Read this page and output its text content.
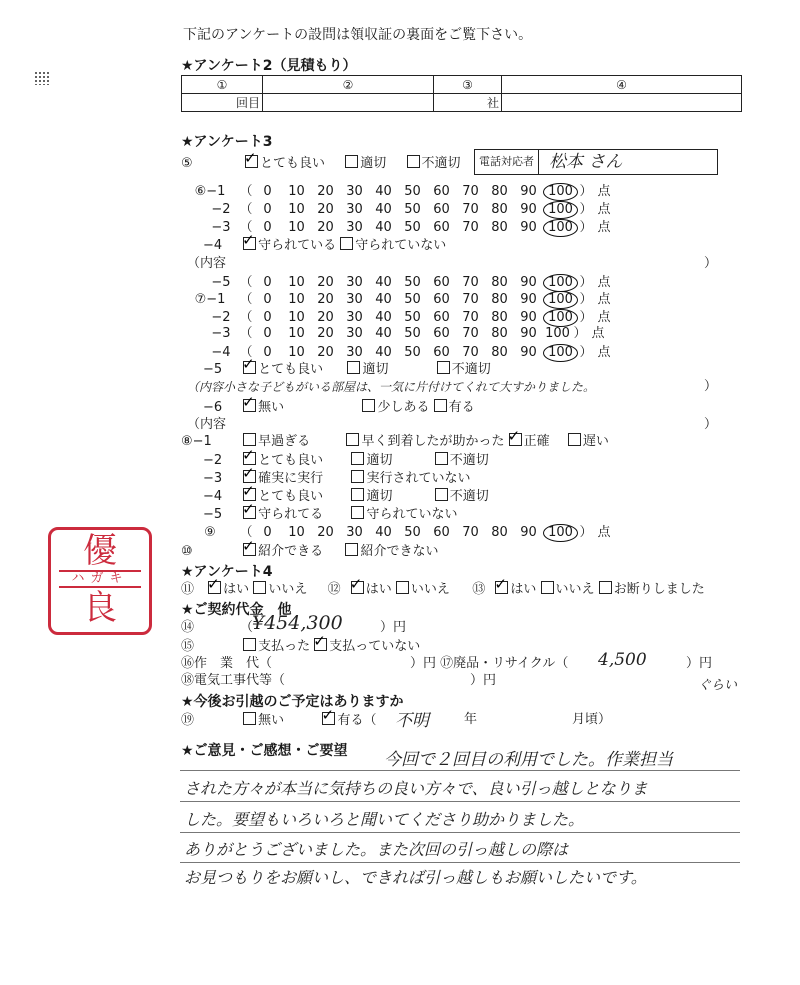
下記のアンケートの設問は領収証の裏面をご覧下さい。
★アンケート2（見積もり）
①	②	③	④
回目		社	
★アンケート3
⑤ ✓	とても良い	適切	不適切	電話対応者 松本 さん
⑥−1 （ 0 10 20 30 40 50 60 70 80 90 100 ） 点
−2 （ 0 10 20 30 40 50 60 70 80 90 100 ） 点
−3 （ 0 10 20 30 40 50 60 70 80 90 100 ） 点
−5 （ 0 10 20 30 40 50 60 70 80 90 100 ） 点
⑦−1 （ 0 10 20 30 40 50 60 70 80 90 100 ） 点
−2 （ 0 10 20 30 40 50 60 70 80 90 100 ） 点
−3 （ 0 10 20 30 40 50 60 70 80 90 100 ） 点
−4 （ 0 10 20 30 40 50 60 70 80 90 100 ） 点
⑨ （ 0 10 20 30 40 50 60 70 80 90 100 ） 点
−4 ✓	守られている 守られていない
（内容	）
−5 ✓	とても良い	適切	不適切
（内容小さな子どもがいる部屋は、一気に片付けてくれて大すかりました。	）
−6 ✓	無い	少しある 有る
（内容	）
⑧−1	早過ぎる	早く到着したが助かった ✓ 正確	遅い
−2 ✓	とても良い	適切	不適切
−3 ✓	確実に実行	実行されていない
−4 ✓	とても良い	適切	不適切
−5 ✓	守られてる	守られていない
⑩ ✓	紹介できる	紹介できない
★アンケート4
⑪ ✓ はい いいえ ⑫ ✓ はい いいえ ⑬ ✓ はい いいえ お断りしました
★ご契約代金　他
⑭	（
¥454,300	）円
⑮	支払った ✓ 支払っていない
⑯作　業　代（	）円 ⑰廃品・リサイクル（ 4,500	）円
ぐらい
⑱電気工事代等（	）円
★今後お引越のご予定はありますか
⑲	無い ✓	有る（ 不明	年	月頃）
★ご意見・ご感想・ご要望 今回で２回目の利用でした。作業担当
された方々が本当に気持ちの良い方々で、良い引っ越しとなりま
した。要望もいろいろと聞いてくださり助かりました。
ありがとうございました。また次回の引っ越しの際は
お見つもりをお願いし、できれば引っ越しもお願いしたいです。
優
ハガキ
良
